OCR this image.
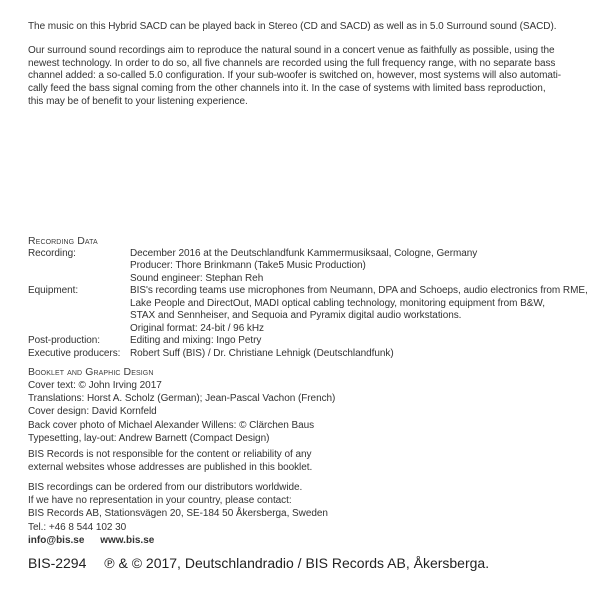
The music on this Hybrid SACD can be played back in Stereo (CD and SACD) as well as in 5.0 Surround sound (SACD).

Our surround sound recordings aim to reproduce the natural sound in a concert venue as faithfully as possible, using the

newest technology. In order to do so, all five channels are recorded using the full frequency range, with no separate bass

channel added: a so-called 5.0 configuration. If your sub-woofer is switched on, however, most systems will also automati-

cally feed the bass signal coming from the other channels into it. In the case of systems with limited bass reproduction,

this may be of benefit to your listening experience.

Recording Data
Recording:	December 2016 at the Deutschlandfunk Kammermusiksaal, Cologne, Germany

Producer: Thore Brinkmann (Take5 Music Production)

Sound engineer: Stephan Reh

Equipment:	BIS's recording teams use microphones from Neumann, DPA and Schoeps, audio electronics from RME,

Lake People and DirectOut, MADI optical cabling technology, monitoring equipment from B&W,

STAX and Sennheiser, and Sequoia and Pyramix digital audio workstations.

Original format: 24-bit / 96 kHz

Post-production:	Editing and mixing: Ingo Petry

Executive producers: Robert Suff (BIS) / Dr. Christiane Lehnigk (Deutschlandfunk)

Booklet and Graphic Design

Cover text: © John Irving 2017

Translations: Horst A. Scholz (German); Jean-Pascal Vachon (French)

Cover design: David Kornfeld

Back cover photo of Michael Alexander Willens: © Clärchen Baus

Typesetting, lay-out: Andrew Barnett (Compact Design)

BIS Records is not responsible for the content or reliability of any

external websites whose addresses are published in this booklet.

BIS recordings can be ordered from our distributors worldwide.

If we have no representation in your country, please contact:

BIS Records AB, Stationsvägen 20, SE-184 50 Åkersberga, Sweden

Tel.: +46 8 544 102 30

info@bis.se www.bis.se

BIS-2294 ℗ & © 2017, Deutschlandradio / BIS Records AB, Åkersberga.
